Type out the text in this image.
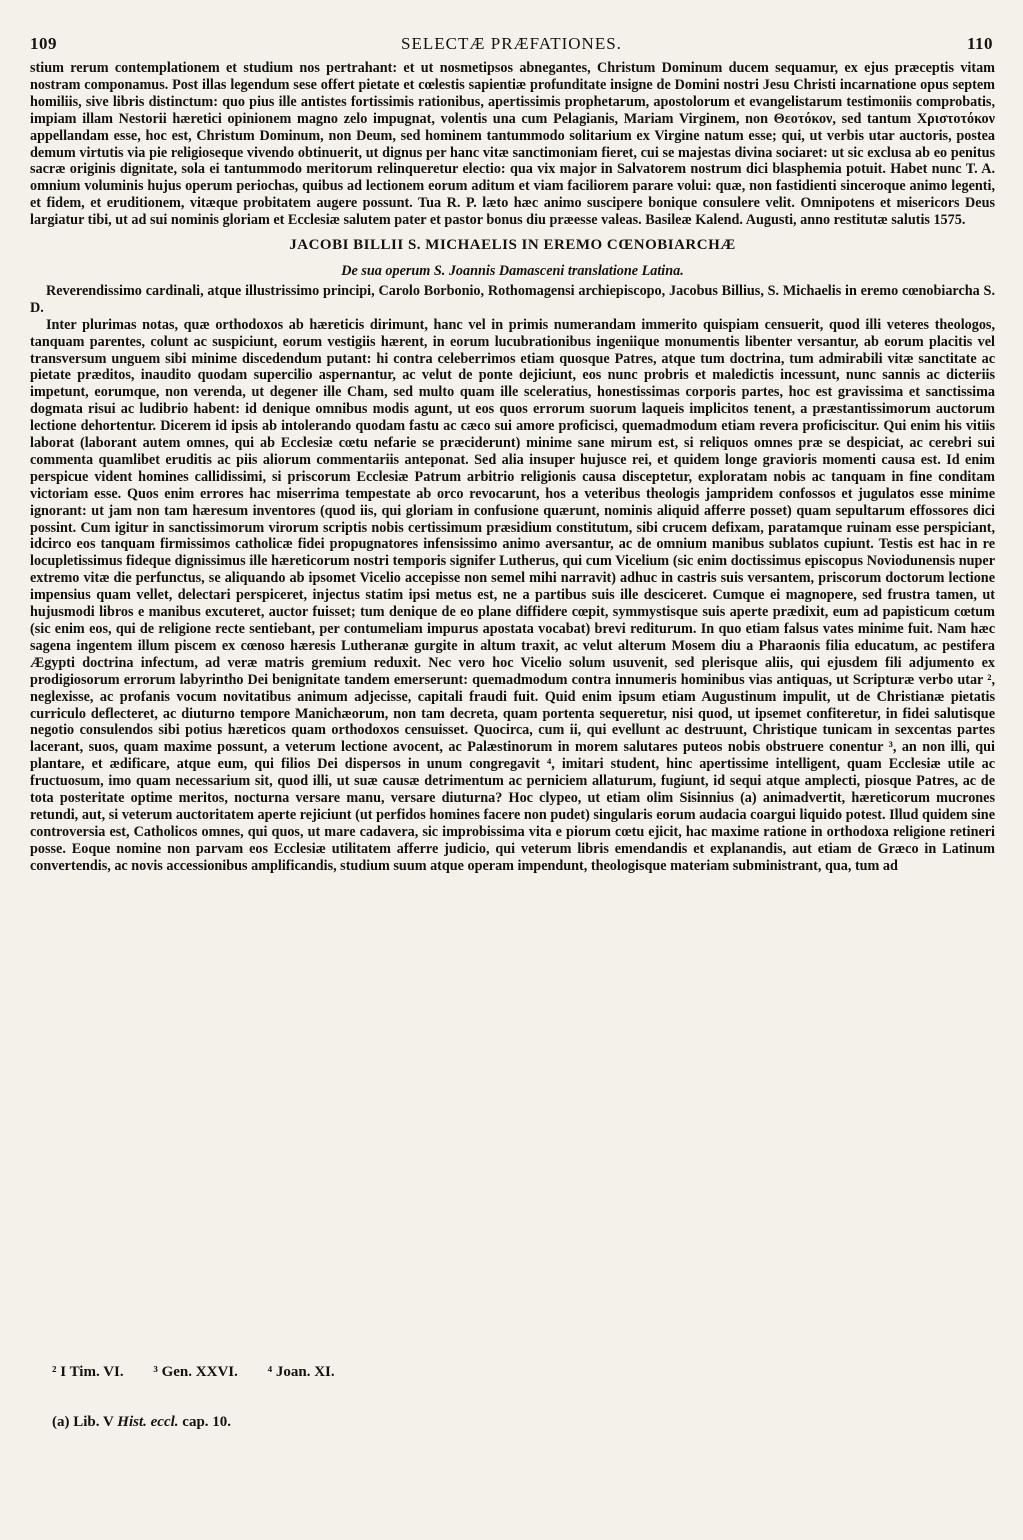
109	SELECTÆ PRÆFATIONES.	110

stium rerum contemplationem et studium nos pertrahant: et ut nosmetipsos abnegantes, Christum Dominum ducem sequamur, ex ejus præceptis vitam nostram componamus. Post illas legendum sese offert pietate et cœlestis sapientiæ profunditate insigne de Domini nostri Jesu Christi incarnatione opus septem homiliis, sive libris distinctum: quo pius ille antistes fortissimis rationibus, apertissimis prophetarum, apostolorum et evangelistarum testimoniis comprobatis, impiam illam Nestorii hæretici opinionem magno zelo impugnat, volentis una cum Pelagianis, Mariam Virginem, non Θεοτόκον, sed tantum Χριστοτόκον appellandam esse, hoc est, Christum Dominum, non Deum, sed hominem tantummodo solitarium ex Virgine natum esse; qui, ut verbis utar auctoris, postea demum virtutis via pie religioseque vivendo obtinuerit, ut dignus per hanc vitæ sanctimoniam fieret, cui se majestas divina sociaret: ut sic exclusa ab eo penitus sacræ originis dignitate, sola ei tantummodo meritorum relinqueretur electio: qua vix major in Salvatorem nostrum dici blasphemia potuit. Habet nunc T. A. omnium voluminis hujus operum periochas, quibus ad lectionem eorum aditum et viam faciliorem parare volui: quæ, non fastidienti sinceroque animo legenti, et fidem, et eruditionem, vitæque probitatem augere possunt. Tua R. P. læto hæc animo suscipere bonique consulere velit. Omnipotens et misericors Deus largiatur tibi, ut ad sui nominis gloriam et Ecclesiæ salutem pater et pastor bonus diu præesse valeas. Basileæ Kalend. Augusti, anno restitutæ salutis 1575.

JACOBI BILLII S. MICHAELIS IN EREMO CŒNOBIARCHÆ
De sua operum S. Joannis Damasceni translatione Latina.

Reverendissimo cardinali, atque illustrissimo principi, Carolo Borbonio, Rothomagensi archiepiscopo, Jacobus Billius, S. Michaelis in eremo cœnobiarcha S. D.

Inter plurimas notas, quæ orthodoxos ab hæreticis dirimunt, hanc vel in primis numerandam immerito quispiam censuerit, quod illi veteres theologos, tanquam parentes, colunt ac suspiciunt, eorum vestigiis hærent, in eorum lucubrationibus ingeniique monumentis libenter versantur, ab eorum placitis vel transversum unguem sibi minime discedendum putant: hi contra celeberrimos etiam quosque Patres, atque tum doctrina, tum admirabili vitæ sanctitate ac pietate præditos, inaudito quodam supercilio aspernantur, ac velut de ponte dejiciunt, eos nunc probris et maledictis incessunt, nunc sannis ac dicteriis impetunt, eorumque, non verenda, ut degener ille Cham, sed multo quam ille sceleratius, honestissimas corporis partes, hoc est gravissima et sanctissima dogmata risui ac ludibrio habent: id denique omnibus modis agunt, ut eos quos errorum suorum laqueis implicitos tenent, a præstantissimorum auctorum lectione dehortentur. Dicerem id ipsis ab intolerando quodam fastu ac cæco sui amore proficisci, quemadmodum etiam revera proficiscitur. Qui enim his vitiis laborat (laborant autem omnes, qui ab Ecclesiæ cœtu nefarie se præciderunt) minime sane mirum est, si reliquos omnes præ se despiciat, ac cerebri sui commenta quamlibet eruditis ac piis aliorum commentariis anteponat. Sed alia insuper hujusce rei, et quidem longe gravioris momenti causa est. Id enim perspicue vident homines callidissimi, si priscorum Ecclesiæ Patrum arbitrio religionis causa disceptetur, exploratam nobis ac tanquam in fine conditam victoriam esse. Quos enim errores hac miserrima tempestate ab orco revocarunt, hos a veteribus theologis jampridem confossos et jugulatos esse minime ignorant: ut jam non tam hæresum inventores (quod iis, qui gloriam in confusione quærunt, nominis aliquid afferre posset) quam sepultarum effossores dici possint. Cum igitur in sanctissimorum virorum scriptis nobis certissimum præsidium constitutum, sibi crucem defixam, paratamque ruinam esse perspiciant, idcirco eos tanquam firmissimos catholicæ fidei propugnatores infensissimo animo aversantur, ac de omnium manibus sublatos cupiunt. Testis est hac in re locupletissimus fideque dignissimus ille hæreticorum nostri temporis signifer Lutherus, qui cum Vicelium (sic enim doctissimus episcopus Noviodunensis nuper extremo vitæ die perfunctus, se aliquando ab ipsomet Vicelio accepisse non semel mihi narravit) adhuc in castris suis versantem, priscorum doctorum lectione impensius quam vellet, delectari perspiceret, injectus statim ipsi metus est, ne a partibus suis ille desciceret. Cumque ei magnopere, sed frustra tamen, ut hujusmodi libros e manibus excuteret, auctor fuisset; tum denique de eo plane diffidere cœpit, symmystisque suis aperte prædixit, eum ad papisticum cœtum (sic enim eos, qui de religione recte sentiebant, per contumeliam impurus apostata vocabat) brevi rediturum. In quo etiam falsus vates minime fuit. Nam hæc sagena ingentem illum piscem ex cœnoso hæresis Lutheranæ gurgite in altum traxit, ac velut alterum Mosem diu a Pharaonis filia educatum, ac pestifera Ægypti doctrina infectum, ad veræ matris gremium reduxit. Nec vero hoc Vicelio solum usuvenit, sed plerisque aliis, qui ejusdem fili adjumento ex prodigiosorum errorum labyrintho Dei benignitate tandem emerserunt: quemadmodum contra innumeris hominibus vias antiquas, ut Scripturæ verbo utar ², neglexisse, ac profanis vocum novitatibus animum adjecisse, capitali fraudi fuit. Quid enim ipsum etiam Augustinum impulit, ut de Christianæ pietatis curriculo deflecteret, ac diuturno tempore Manichæorum, non tam decreta, quam portenta sequeretur, nisi quod, ut ipsemet confiteretur, in fidei salutisque negotio consulendos sibi potius hæreticos quam orthodoxos censuisset. Quocirca, cum ii, qui evellunt ac destruunt, Christique tunicam in sexcentas partes lacerant, suos, quam maxime possunt, a veterum lectione avocent, ac Palæstinorum in morem salutares puteos nobis obstruere conentur ³, an non illi, qui plantare, et ædificare, atque eum, qui filios Dei dispersos in unum congregavit ⁴, imitari student, hinc apertissime intelligent, quam Ecclesiæ utile ac fructuosum, imo quam necessarium sit, quod illi, ut suæ causæ detrimentum ac perniciem allaturum, fugiunt, id sequi atque amplecti, piosque Patres, ac de tota posteritate optime meritos, nocturna versare manu, versare diuturna? Hoc clypeo, ut etiam olim Sisinnius (a) animadvertit, hæreticorum mucrones retundi, aut, si veterum auctoritatem aperte rejiciunt (ut perfidos homines facere non pudet) singularis eorum audacia coargui liquido potest. Illud quidem sine controversia est, Catholicos omnes, qui quos, ut mare cadavera, sic improbissima vita e piorum cœtu ejicit, hac maxime ratione in orthodoxa religione retineri posse. Eoque nomine non parvam eos Ecclesiæ utilitatem afferre judicio, qui veterum libris emendandis et explanandis, aut etiam de Græco in Latinum convertendis, ac novis accessionibus amplificandis, studium suum atque operam impendunt, theologisque materiam subministrant, qua, tum ad

² I Tim. VI. ³ Gen. XXVI. ⁴ Joan. XI.
(a) Lib. V Hist. eccl. cap. 10.
